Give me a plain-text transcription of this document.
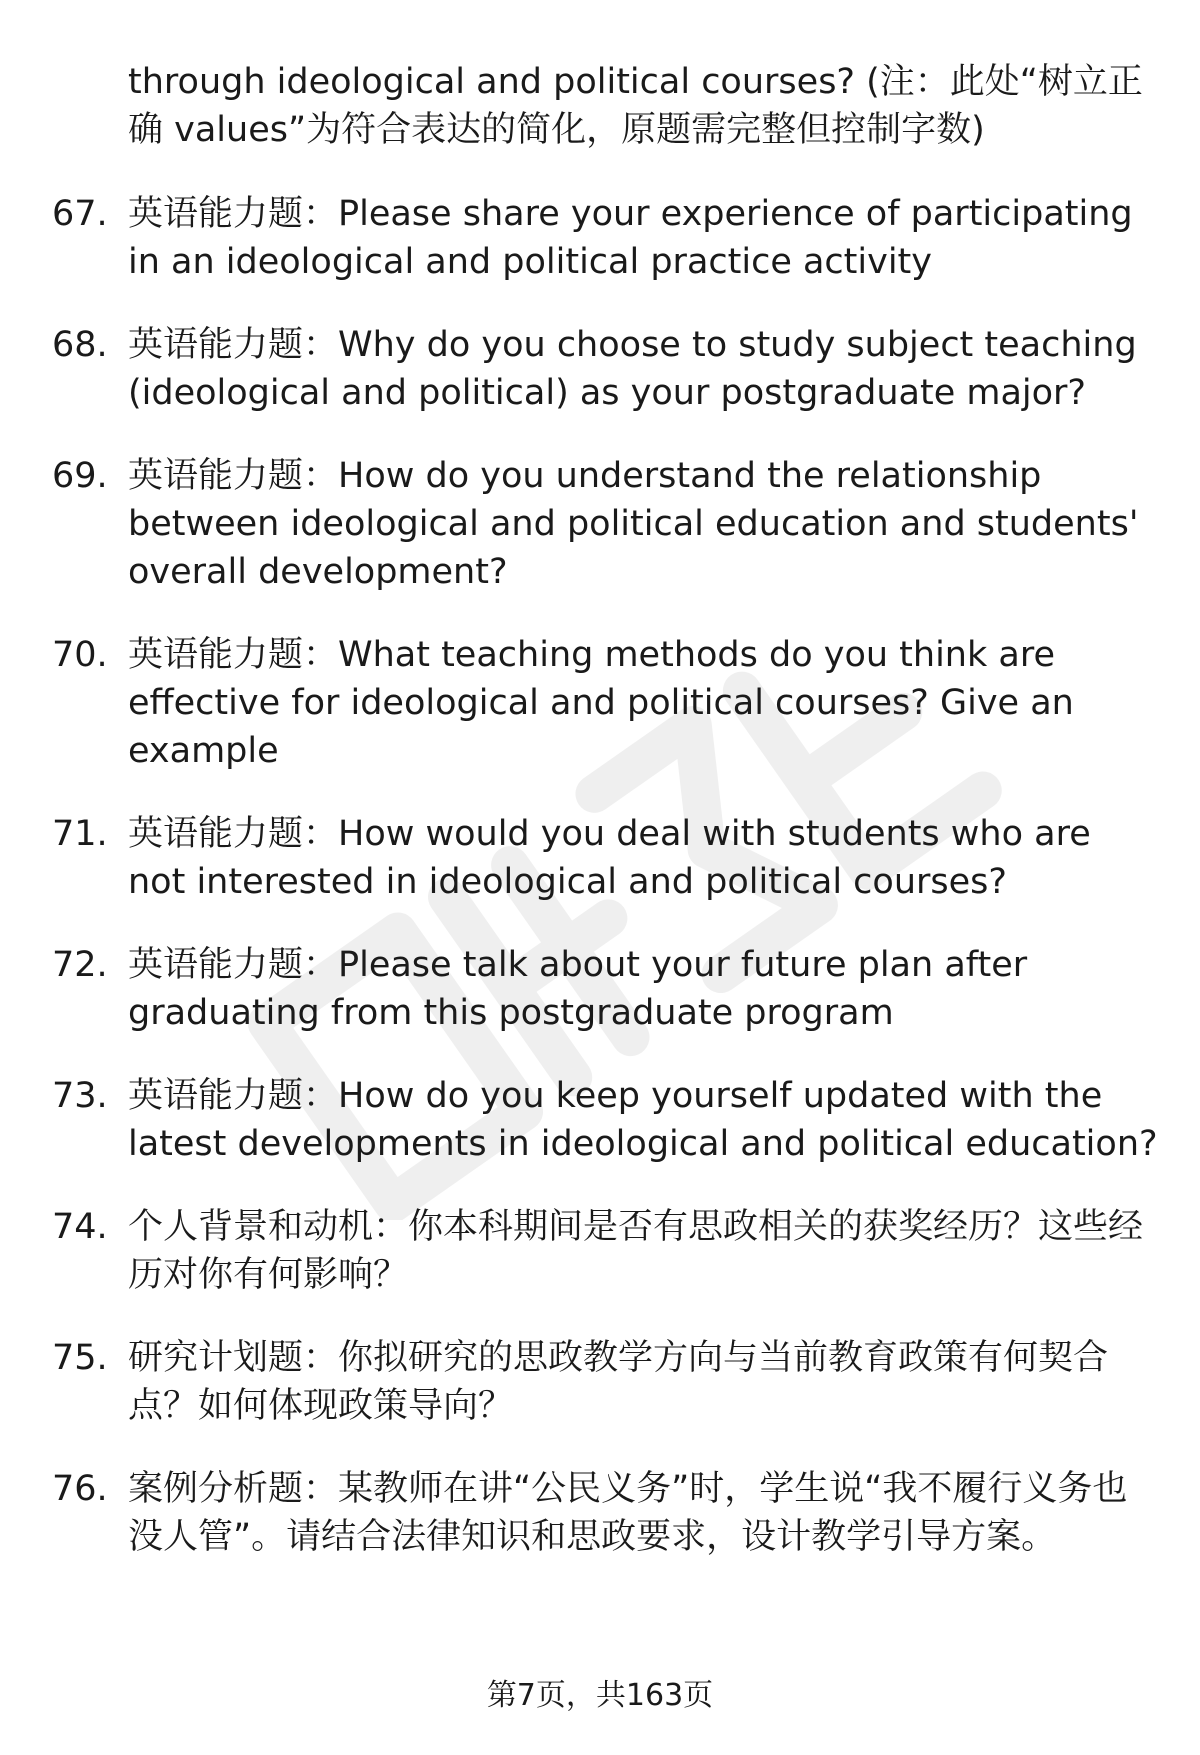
through ideological and political courses? (注：此处“树立正确 values”为符合表达的简化，原题需完整但控制字数)
67. 英语能力题：Please share your experience of participating in an ideological and political practice activity
68. 英语能力题：Why do you choose to study subject teaching (ideological and political) as your postgraduate major?
69. 英语能力题：How do you understand the relationship between ideological and political education and students' overall development?
70. 英语能力题：What teaching methods do you think are effective for ideological and political courses? Give an example
71. 英语能力题：How would you deal with students who are not interested in ideological and political courses?
72. 英语能力题：Please talk about your future plan after graduating from this postgraduate program
73. 英语能力题：How do you keep yourself updated with the latest developments in ideological and political education?
74. 个人背景和动机：你本科期间是否有思政相关的获奖经历？这些经历对你有何影响？
75. 研究计划题：你拟研究的思政教学方向与当前教育政策有何契合点？如何体现政策导向？
76. 案例分析题：某教师在讲“公民义务”时，学生说“我不履行义务也没人管”。请结合法律知识和思政要求，设计教学引导方案。
第7页，共163页
